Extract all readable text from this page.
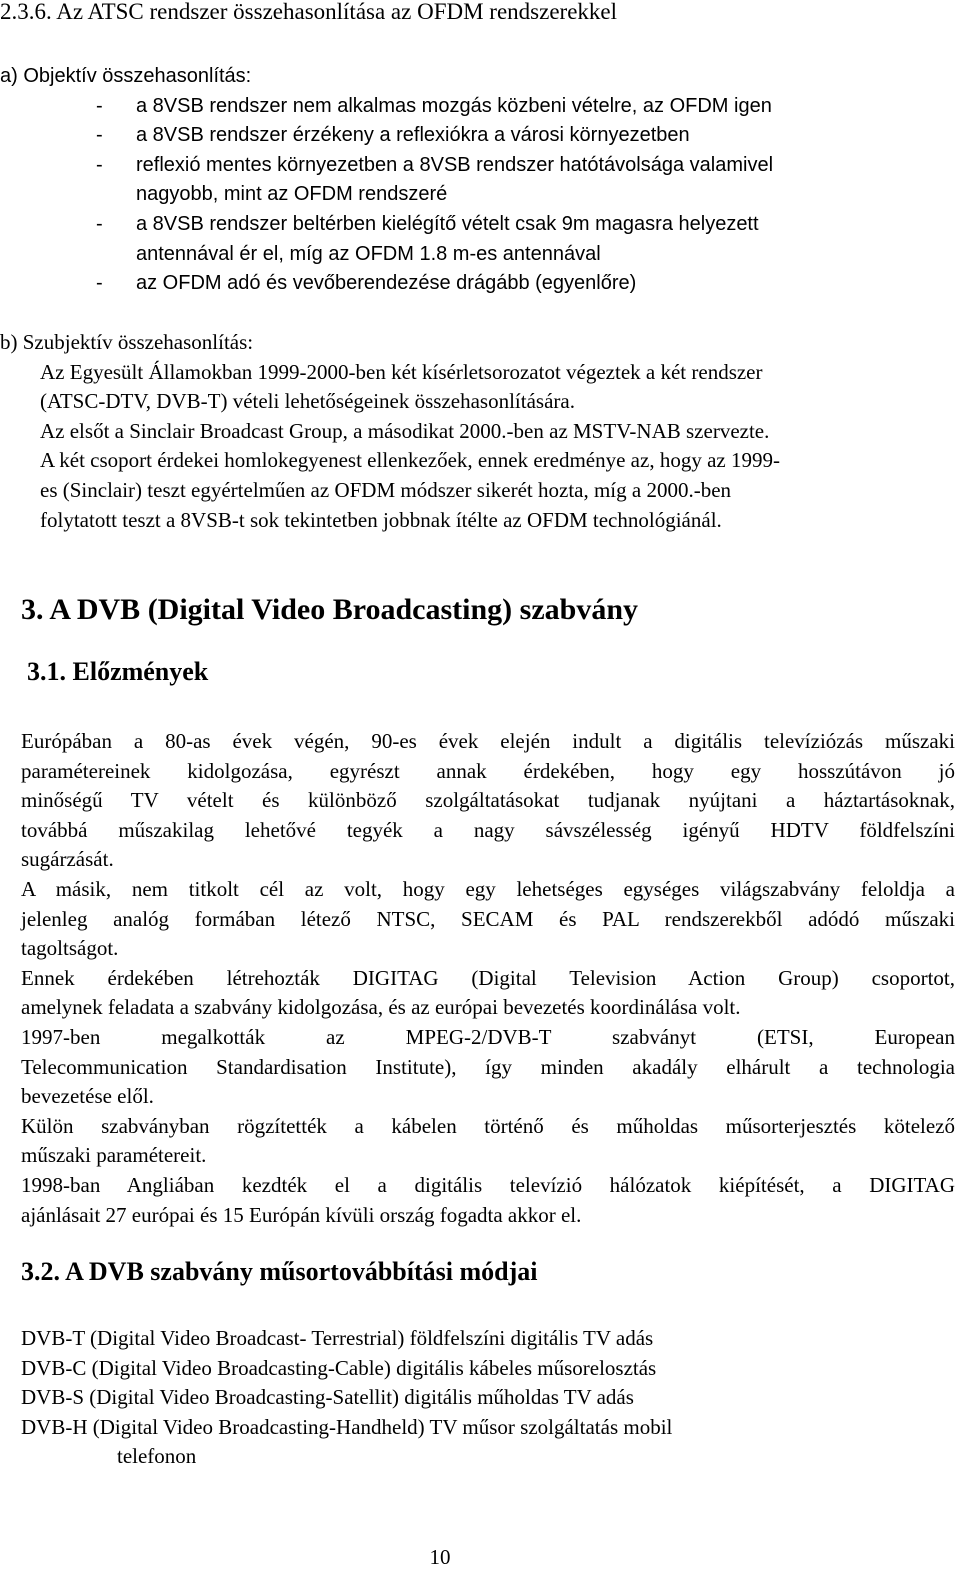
2.3.6. Az ATSC rendszer összehasonlítása az OFDM rendszerekkel
a) Objektív összehasonlítás:
- a 8VSB rendszer nem alkalmas mozgás közbeni vételre, az OFDM igen
- a 8VSB rendszer érzékeny a reflexiókra a városi környezetben
- reflexió mentes környezetben a 8VSB rendszer hatótávolsága valamivel
nagyobb, mint az OFDM rendszeré
- a 8VSB rendszer beltérben kielégítő vételt csak 9m magasra helyezett
antennával ér el, míg az OFDM 1.8 m-es antennával
- az OFDM adó és vevőberendezése drágább (egyenlőre)
b) Szubjektív összehasonlítás:
Az Egyesült Államokban 1999-2000-ben két kísérletsorozatot végeztek a két rendszer
(ATSC-DTV, DVB-T) vételi lehetőségeinek összehasonlítására.
Az elsőt a Sinclair Broadcast Group, a másodikat 2000.-ben az MSTV-NAB szervezte.
A két csoport érdekei homlokegyenest ellenkezőek, ennek eredménye az, hogy az 1999-
es (Sinclair) teszt egyértelműen az OFDM módszer sikerét hozta, míg a 2000.-ben
folytatott teszt a 8VSB-t sok tekintetben jobbnak ítélte az OFDM technológiánál.
3. A DVB (Digital Video Broadcasting) szabvány
3.1. Előzmények
Európában a 80-as évek végén, 90-es évek elején indult a digitális televíziózás műszaki
paramétereinek kidolgozása, egyrészt annak érdekében, hogy egy hosszútávon jó
minőségű TV vételt és különböző szolgáltatásokat tudjanak nyújtani a háztartásoknak,
továbbá műszakilag lehetővé tegyék a nagy sávszélesség igényű HDTV földfelszíni
sugárzását.
A másik, nem titkolt cél az volt, hogy egy lehetséges egységes világszabvány feloldja a
jelenleg analóg formában létező NTSC, SECAM és PAL rendszerekből adódó műszaki
tagoltságot.
Ennek érdekében létrehozták DIGITAG (Digital Television Action Group) csoportot,
amelynek feladata a szabvány kidolgozása, és az európai bevezetés koordinálása volt.
1997-ben megalkották az MPEG-2/DVB-T szabványt (ETSI, European
Telecommunication Standardisation Institute), így minden akadály elhárult a technologia
bevezetése elől.
Külön szabványban rögzítették a kábelen történő és műholdas műsorterjesztés kötelező
műszaki paramétereit.
1998-ban Angliában kezdték el a digitális televízió hálózatok kiépítését, a DIGITAG
ajánlásait 27 európai és 15 Európán kívüli ország fogadta akkor el.
3.2. A DVB szabvány műsortovábbítási módjai
DVB-T (Digital Video Broadcast- Terrestrial) földfelszíni digitális TV adás
DVB-C (Digital Video Broadcasting-Cable) digitális kábeles műsorelosztás
DVB-S (Digital Video Broadcasting-Satellit) digitális műholdas TV adás
DVB-H (Digital Video Broadcasting-Handheld) TV műsor szolgáltatás mobil
telefonon
10
